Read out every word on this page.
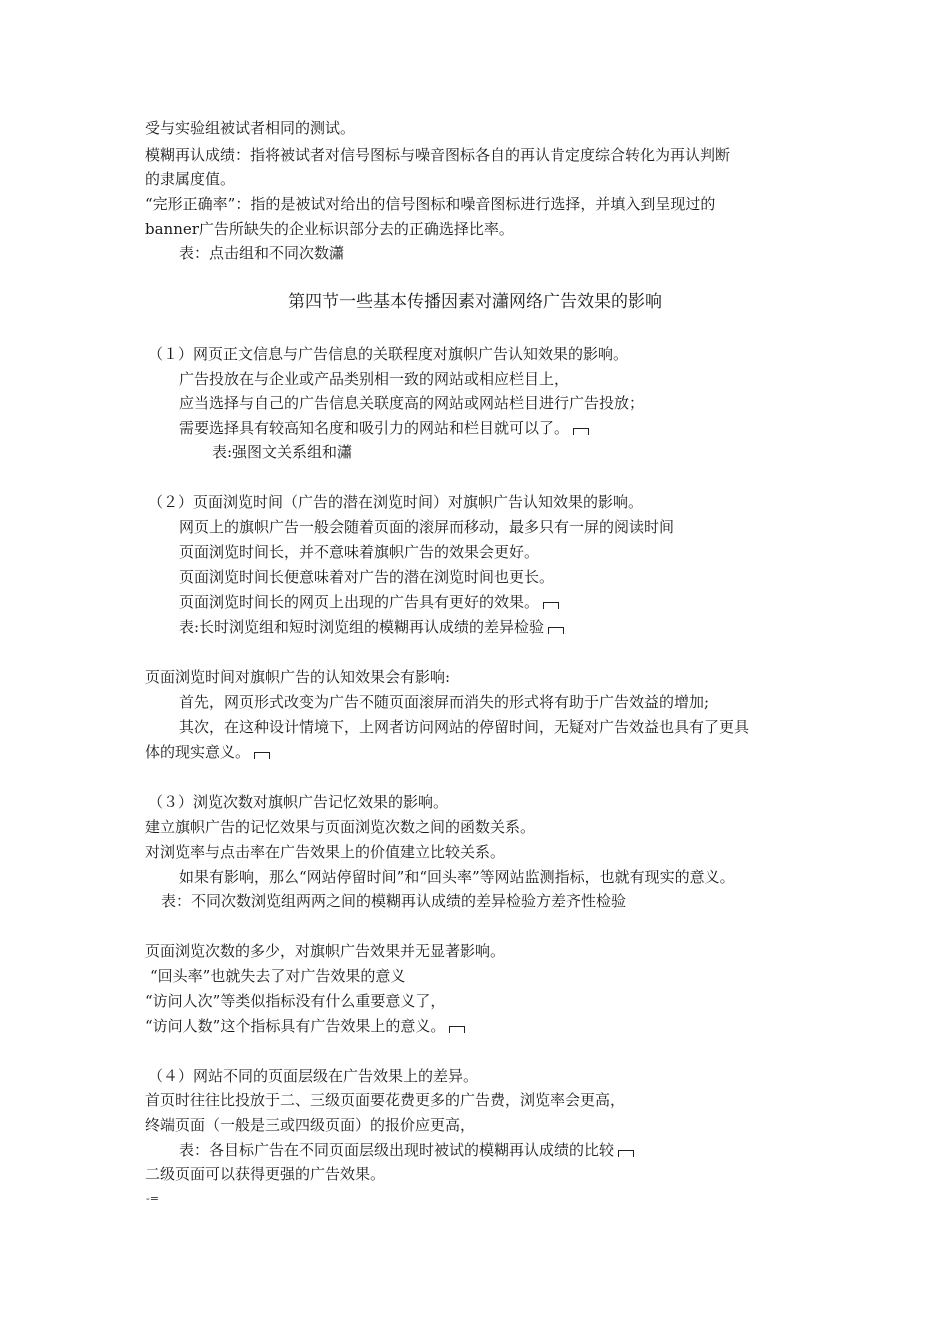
受与实验组被试者相同的测试。
模糊再认成绩：指将被试者对信号图标与噪音图标各自的再认肯定度综合转化为再认判断
的隶属度值。
“完形正确率”：指的是被试对给出的信号图标和噪音图标进行选择，并填入到呈现过的
banner广告所缺失的企业标识部分去的正确选择比率。
表：点击组和不同次数瀟
第四节一些基本传播因素对瀟网络广告效果的影响
（１）网页正文信息与广告信息的关联程度对旗帜广告认知效果的影响。
广告投放在与企业或产品类别相一致的网站或相应栏目上，
应当选择与自己的广告信息关联度高的网站或网站栏目进行广告投放；
需要选择具有较高知名度和吸引力的网站和栏目就可以了。
表:强图文关系组和瀟
（２）页面浏览时间（广告的潜在浏览时间）对旗帜广告认知效果的影响。
网页上的旗帜广告一般会随着页面的滚屏而移动，最多只有一屏的阅读时间
页面浏览时间长，并不意味着旗帜广告的效果会更好。
页面浏览时间长便意味着对广告的潜在浏览时间也更长。
页面浏览时间长的网页上出现的广告具有更好的效果。
表:长时浏览组和短时浏览组的模糊再认成绩的差异检验
页面浏览时间对旗帜广告的认知效果会有影响:
首先，网页形式改变为广告不随页面滚屏而消失的形式将有助于广告效益的增加;
其次，在这种设计情境下，上网者访问网站的停留时间，无疑对广告效益也具有了更具
体的现实意义。
（３）浏览次数对旗帜广告记忆效果的影响。
建立旗帜广告的记忆效果与页面浏览次数之间的函数关系。
对浏览率与点击率在广告效果上的价值建立比较关系。
如果有影响，那么“网站停留时间”和“回头率”等网站监测指标，也就有现实的意义。
表：不同次数浏览组两两之间的模糊再认成绩的差异检验方差齐性检验
页面浏览次数的多少，对旗帜广告效果并无显著影响。
“回头率”也就失去了对广告效果的意义
“访问人次”等类似指标没有什么重要意义了，
“访问人数”这个指标具有广告效果上的意义。
（４）网站不同的页面层级在广告效果上的差异。
首页时往往比投放于二、三级页面要花费更多的广告费，浏览率会更高，
终端页面（一般是三或四级页面）的报价应更高，
表：各目标广告在不同页面层级出现时被试的模糊再认成绩的比较
二级页面可以获得更强的广告效果。
-=
